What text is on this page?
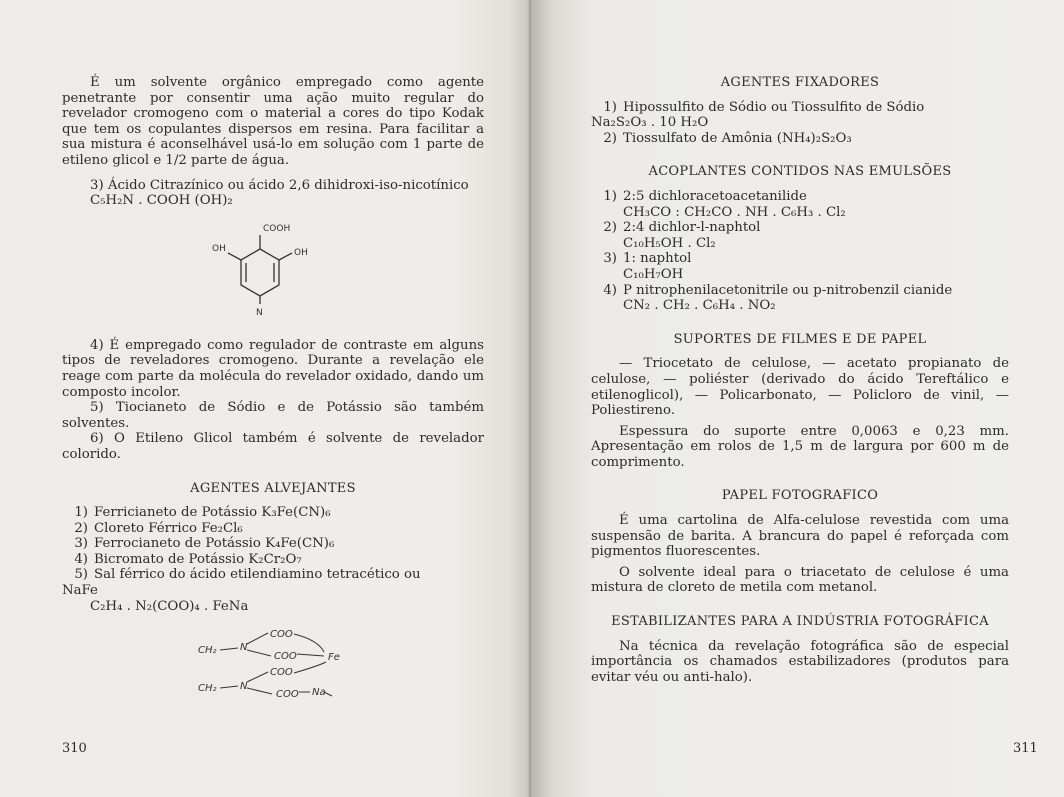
É um solvente orgânico empregado como agente penetrante por consentir uma ação muito regular do revelador cromogeno com o material a cores do tipo Kodak que tem os copulantes dispersos em resina. Para facilitar a sua mistura é aconselhável usá-lo em solução com 1 parte de etileno glicol e 1/2 parte de água.

3) Ácido Citrazínico ou ácido 2,6 dihidroxi-iso-nicotínico

C₅H₂N . COOH (OH)₂

COOH
OH	OH
N

4) É empregado como regulador de contraste em alguns tipos de reveladores cromogeno. Durante a revelação ele reage com parte da molécula do revelador oxidado, dando um composto incolor.

5) Tiocianeto de Sódio e de Potássio são também solventes.

6) O Etileno Glicol também é solvente de revelador colorido.

AGENTES ALVEJANTES

1) Ferricianeto de Potássio K₃Fe(CN)₆

2) Cloreto Férrico Fe₂Cl₆

3) Ferrocianeto de Potássio K₄Fe(CN)₆

4) Bicromato de Potássio K₂Cr₂O₇

5) Sal férrico do ácido etilendiamino tetracético ou

NaFe

C₂H₄ . N₂(COO)₄ . FeNa

COO
CH₂ N
COO	Fe
COO
CH₂ N
COO Na
310

AGENTES FIXADORES

1) Hipossulfito de Sódio ou Tiossulfito de Sódio

Na₂S₂O₃ . 10 H₂O

2) Tiossulfato de Amônia (NH₄)₂S₂O₃

ACOPLANTES CONTIDOS NAS EMULSÕES

1) 2:5 dichloracetoacetanilide

CH₃CO : CH₂CO . NH . C₆H₃ . Cl₂

2) 2:4 dichlor-l-naphtol

C₁₀H₅OH . Cl₂

3) 1: naphtol

C₁₀H₇OH

4) P nitrophenilacetonitrile ou p-nitrobenzil cianide

CN₂ . CH₂ . C₆H₄ . NO₂

SUPORTES DE FILMES E DE PAPEL

— Triocetato de celulose, — acetato propianato de celulose, — poliéster (derivado do ácido Tereftálico e etilenoglicol), — Policarbonato, — Policloro de vinil, — Poliestireno.

Espessura do suporte entre 0,0063 e 0,23 mm. Apresentação em rolos de 1,5 m de largura por 600 m de comprimento.

PAPEL FOTOGRAFICO

É uma cartolina de Alfa-celulose revestida com uma suspensão de barita. A brancura do papel é reforçada com pigmentos fluorescentes.

O solvente ideal para o triacetato de celulose é uma mistura de cloreto de metila com metanol.

ESTABILIZANTES PARA A INDÚSTRIA FOTOGRÁFICA

Na técnica da revelação fotográfica são de especial importância os chamados estabilizadores (produtos para evitar véu ou anti-halo).

311
